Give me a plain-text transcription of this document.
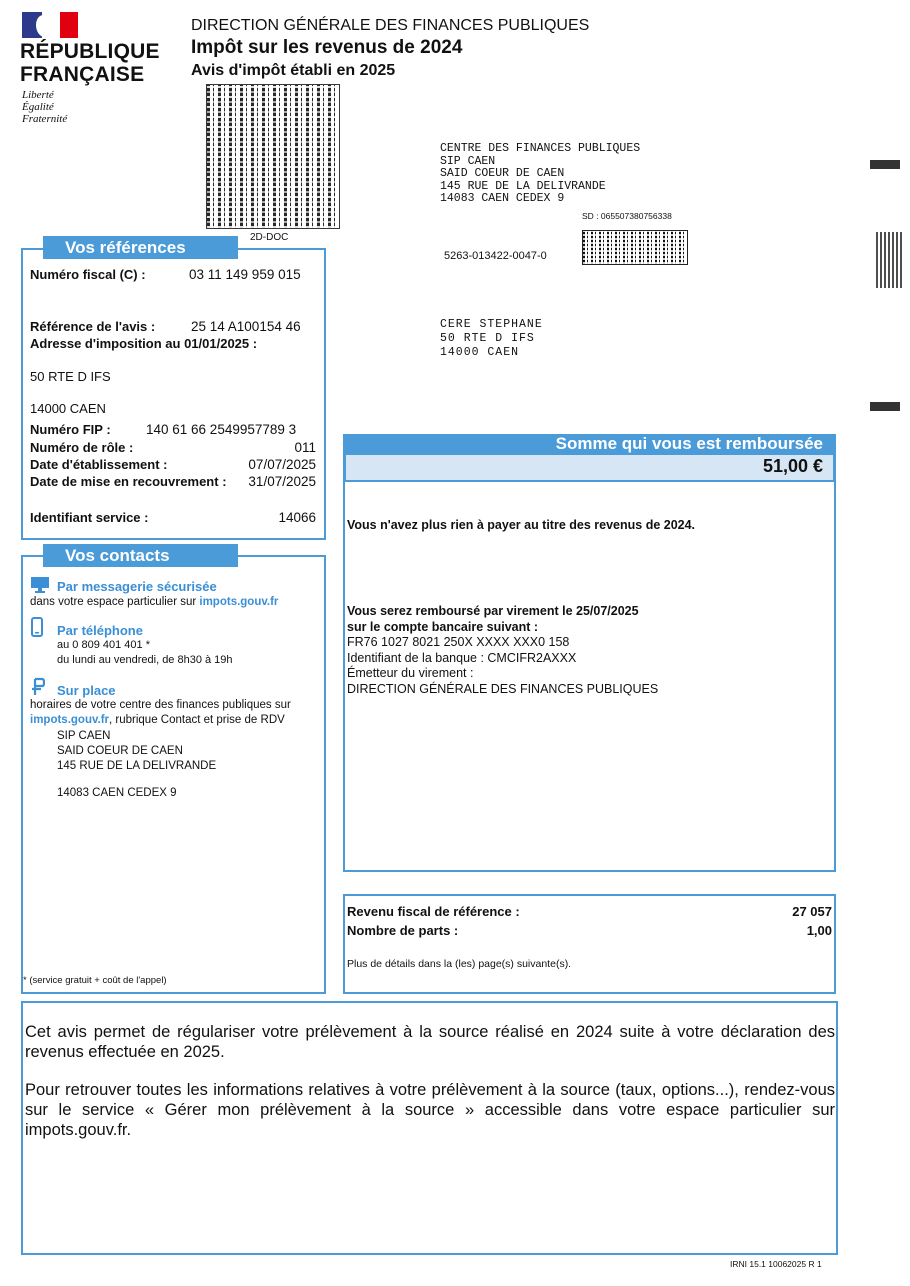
RÉPUBLIQUE
FRANÇAISE
Liberté
Égalité
Fraternité
DIRECTION GÉNÉRALE DES FINANCES PUBLIQUES
Impôt sur les revenus de 2024
Avis d'impôt établi en 2025
2D-DOC
CENTRE DES FINANCES PUBLIQUES
SIP CAEN
SAID COEUR DE CAEN
145 RUE DE LA DELIVRANDE
14083 CAEN CEDEX 9
SD : 065507380756338
5263-013422-0047-0
CERE STEPHANE
50 RTE D IFS
14000 CAEN
Vos références
Numéro fiscal (C) :	03 11 149 959 015
Référence de l'avis :	25 14 A100154 46
Adresse d'imposition au 01/01/2025 :
50 RTE D IFS
14000 CAEN
Numéro FIP :	140 61 66 2549957789 3
Numéro de rôle :	011
Date d'établissement :	07/07/2025
Date de mise en recouvrement :	31/07/2025
Identifiant service :	14066
Vos contacts
Par messagerie sécurisée
dans votre espace particulier sur impots.gouv.fr
Par téléphone
au 0 809 401 401 *
du lundi au vendredi, de 8h30 à 19h
Sur place
horaires de votre centre des finances publiques sur
impots.gouv.fr, rubrique Contact et prise de RDV
SIP CAEN
SAID COEUR DE CAEN
145 RUE DE LA DELIVRANDE
14083 CAEN CEDEX 9
* (service gratuit + coût de l'appel)
Somme qui vous est remboursée
51,00 €
Vous n'avez plus rien à payer au titre des revenus de 2024.
Vous serez remboursé par virement le 25/07/2025
sur le compte bancaire suivant :
FR76 1027 8021 250X XXXX XXX0 158
Identifiant de la banque : CMCIFR2AXXX
Émetteur du virement :
DIRECTION GÉNÉRALE DES FINANCES PUBLIQUES
Revenu fiscal de référence :	27 057
Nombre de parts :	1,00
Plus de détails dans la (les) page(s) suivante(s).
Cet avis permet de régulariser votre prélèvement à la source réalisé en 2024 suite à votre déclaration des revenus effectuée en 2025.
Pour retrouver toutes les informations relatives à votre prélèvement à la source (taux, options...), rendez-vous sur le service « Gérer mon prélèvement à la source » accessible dans votre espace particulier sur impots.gouv.fr.
IRNI 15.1 10062025 R 1
